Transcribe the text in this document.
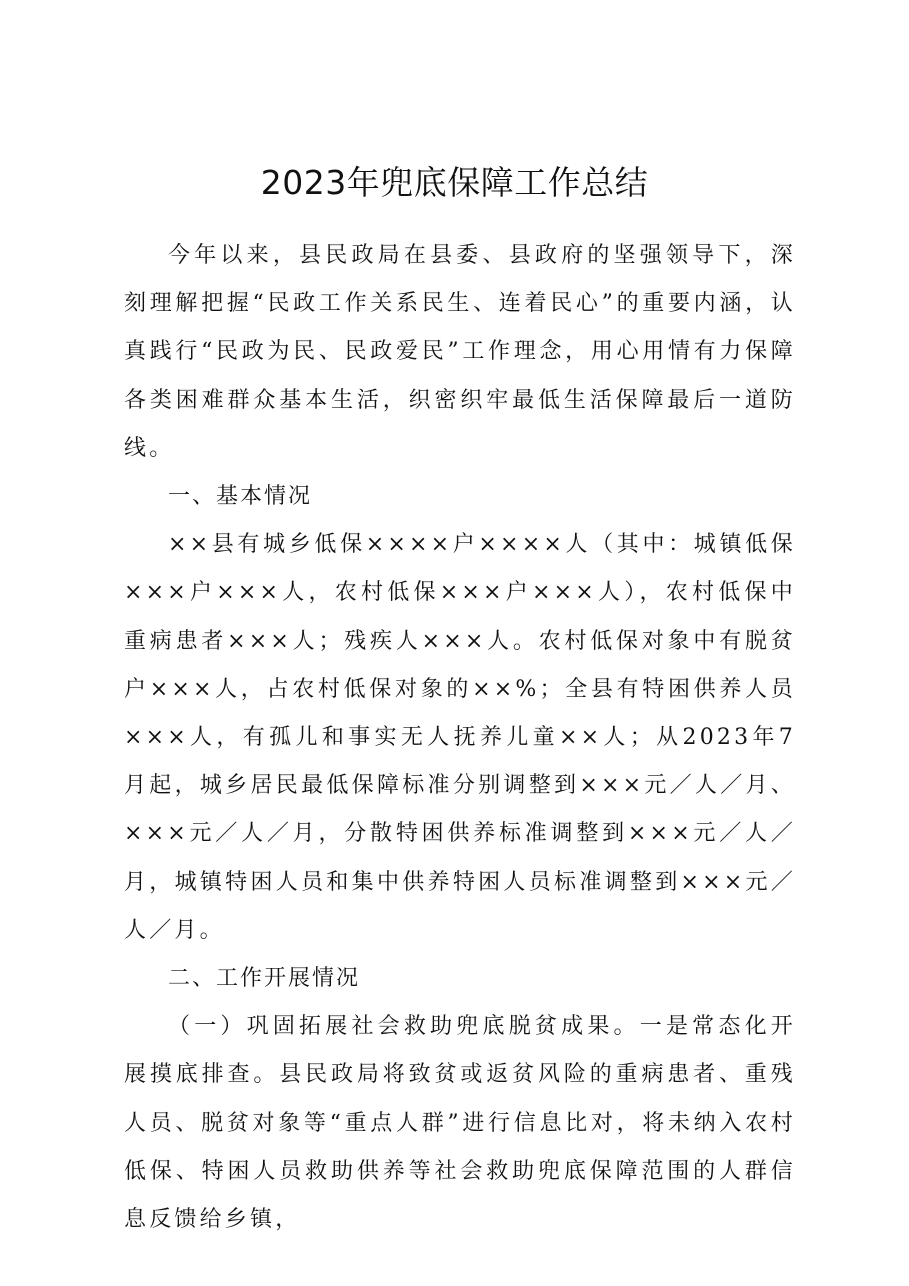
2023年兜底保障工作总结

今年以来，县民政局在县委、县政府的坚强领导下，深刻理解把握“民政工作关系民生、连着民心”的重要内涵，认真践行“民政为民、民政爱民”工作理念，用心用情有力保障各类困难群众基本生活，织密织牢最低生活保障最后一道防线。

一、基本情况

××县有城乡低保××××户××××人（其中：城镇低保×××户×××人，农村低保×××户×××人），农村低保中重病患者×××人；残疾人×××人。农村低保对象中有脱贫户×××人，占农村低保对象的××%；全县有特困供养人员×××人，有孤儿和事实无人抚养儿童××人；从2023年7月起，城乡居民最低保障标准分别调整到×××元／人／月、×××元／人／月，分散特困供养标准调整到×××元／人／月，城镇特困人员和集中供养特困人员标准调整到×××元／人／月。

二、工作开展情况

（一）巩固拓展社会救助兜底脱贫成果。一是常态化开展摸底排查。县民政局将致贫或返贫风险的重病患者、重残人员、脱贫对象等“重点人群”进行信息比对，将未纳入农村低保、特困人员救助供养等社会救助兜底保障范围的人群信息反馈给乡镇，
